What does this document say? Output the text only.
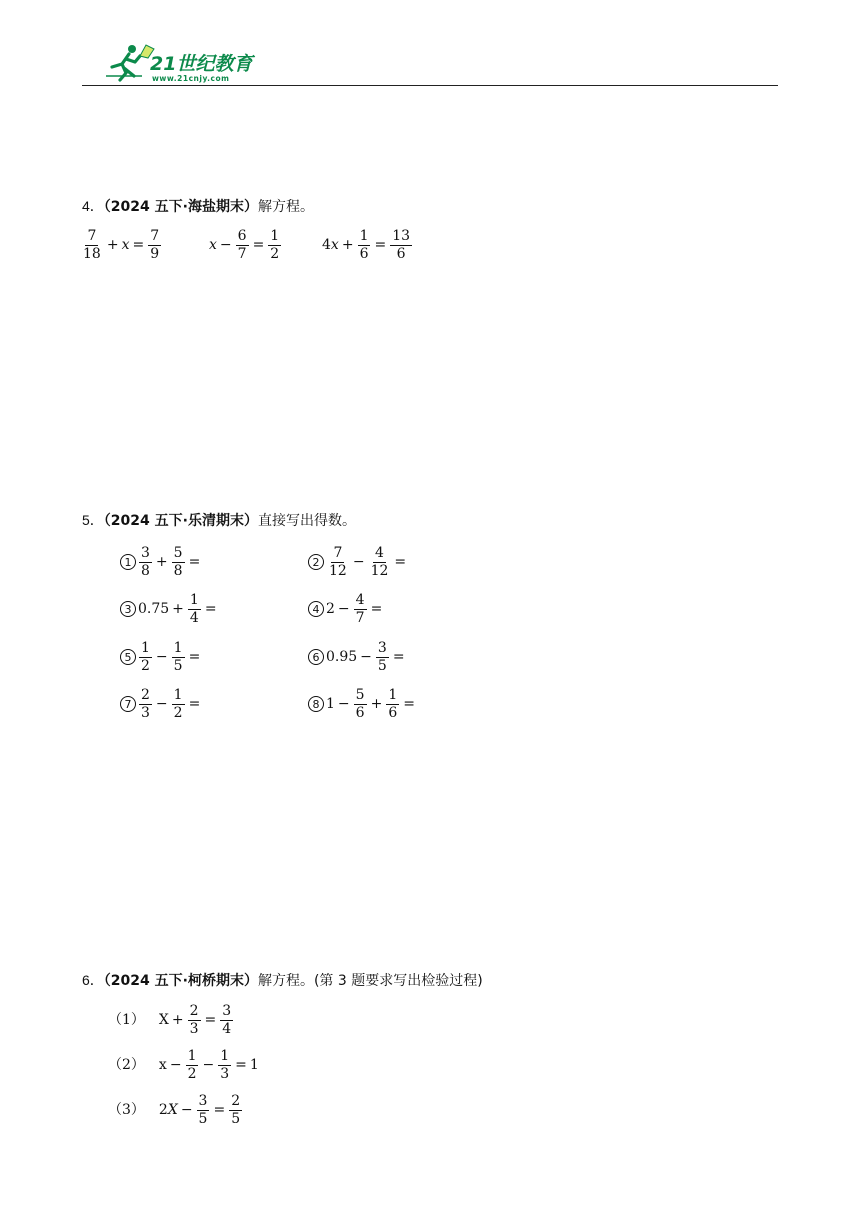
21世纪教育
www.21cnjy.com
4．（2024 五下·海盐期末）解方程。
$\frac{7}{18} + x = \frac{7}{9}$	$x - \frac{6}{7} = \frac{1}{2}$	4 $x + \frac{1}{6} = \frac{13}{6}$
5．（2024 五下·乐清期末）直接写出得数。
$1 \frac{3}{8} + \frac{5}{8}$ =	$2 \frac{7}{12} - \frac{4}{12}$ =
3 $0.75 + \frac{1}{4}$ =	4 $2 - \frac{4}{7}$ =
$5 \frac{1}{2} - \frac{1}{5}$ =	6 $0.95 - \frac{3}{5}$ =
$7 \frac{2}{3} - \frac{1}{2}$ =	8 $1 - \frac{5}{6} + \frac{1}{6}$ =
6．（2024 五下·柯桥期末）解方程。(第 3 题要求写出检验过程)
（1） $X + \frac{2}{3} = \frac{3}{4}$
（2） $x - \frac{1}{2} - \frac{1}{3} = 1$
（3） 2 $X - \frac{3}{5} = \frac{2}{5}$
